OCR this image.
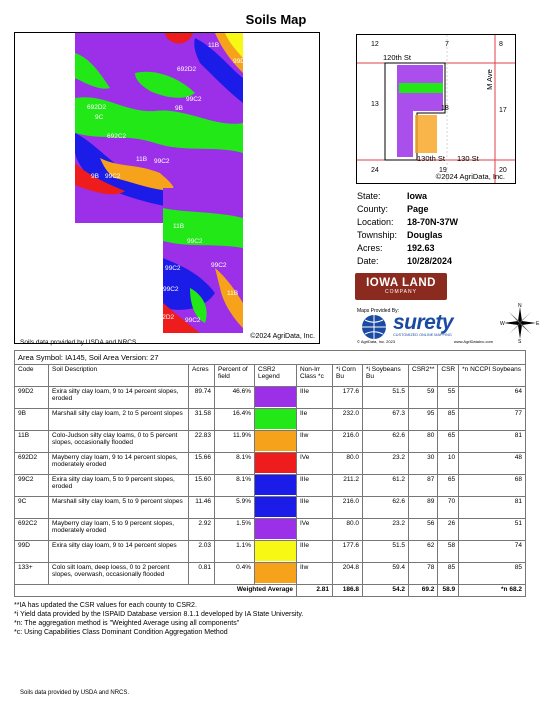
Soils Map
11B
99D
692D2
99C2
9B
692D2
9C
692C2
11B 99C2
9B 99C2
11B
99C2
99C2	99C2
99C2
11B
692D2 99C2
©2024 AgriData, Inc.
Soils data provided by USDA and NRCS.
12	7	8
13
18	17
24	19	20
120th St
M Ave
130th St 130 St
©2024 AgriData, Inc.
State:	Iowa
County:	Page
Location:	18-70N-37W
Township:	Douglas
Acres:	192.63
Date:	10/28/2024
IOWA LAND
COMPANY
Maps Provided By:
surety
CUSTOMIZED ONLINE MAPPING
© AgriData, Inc. 2023	www.AgriDataInc.com
N
S
W	E
Area Symbol: IA145, Soil Area Version: 27										
Code	Soil Description	Acres	Percent of field	CSR2 Legend	Non-Irr Class *c	*i Corn Bu	*i Soybeans Bu	CSR2**	CSR	*n NCCPI Soybeans
99D2	Exira silty clay loam, 9 to 14 percent slopes, eroded	89.74	46.6%		IIIe	177.6	51.5	59	55	64
9B	Marshall silty clay loam, 2 to 5 percent slopes	31.58	16.4%		IIe	232.0	67.3	95	85	77
11B	Colo-Judson silty clay loams, 0 to 5 percent slopes, occasionally flooded	22.83	11.9%		IIw	216.0	62.6	80	65	81
692D2	Mayberry clay loam, 9 to 14 percent slopes, moderately eroded	15.66	8.1%		IVe	80.0	23.2	30	10	48
99C2	Exira silty clay loam, 5 to 9 percent slopes, eroded	15.60	8.1%		IIIe	211.2	61.2	87	65	68
9C	Marshall silty clay loam, 5 to 9 percent slopes	11.46	5.9%		IIIe	216.0	62.6	89	70	81
692C2	Mayberry clay loam, 5 to 9 percent slopes, moderately eroded	2.92	1.5%		IVe	80.0	23.2	56	26	51
99D	Exira silty clay loam, 9 to 14 percent slopes	2.03	1.1%		IIIe	177.6	51.5	62	58	74
133+	Colo silt loam, deep loess, 0 to 2 percent slopes, overwash, occasionally flooded	0.81	0.4%		IIw	204.8	59.4	78	85	85
Weighted Average					2.81	186.8	54.2	69.2	58.9	*n 68.2
**IA has updated the CSR values for each county to CSR2.
*i Yield data provided by the ISPAID Database version 8.1.1 developed by IA State University.
*n: The aggregation method is "Weighted Average using all components"
*c: Using Capabilities Class Dominant Condition Aggregation Method
Soils data provided by USDA and NRCS.
